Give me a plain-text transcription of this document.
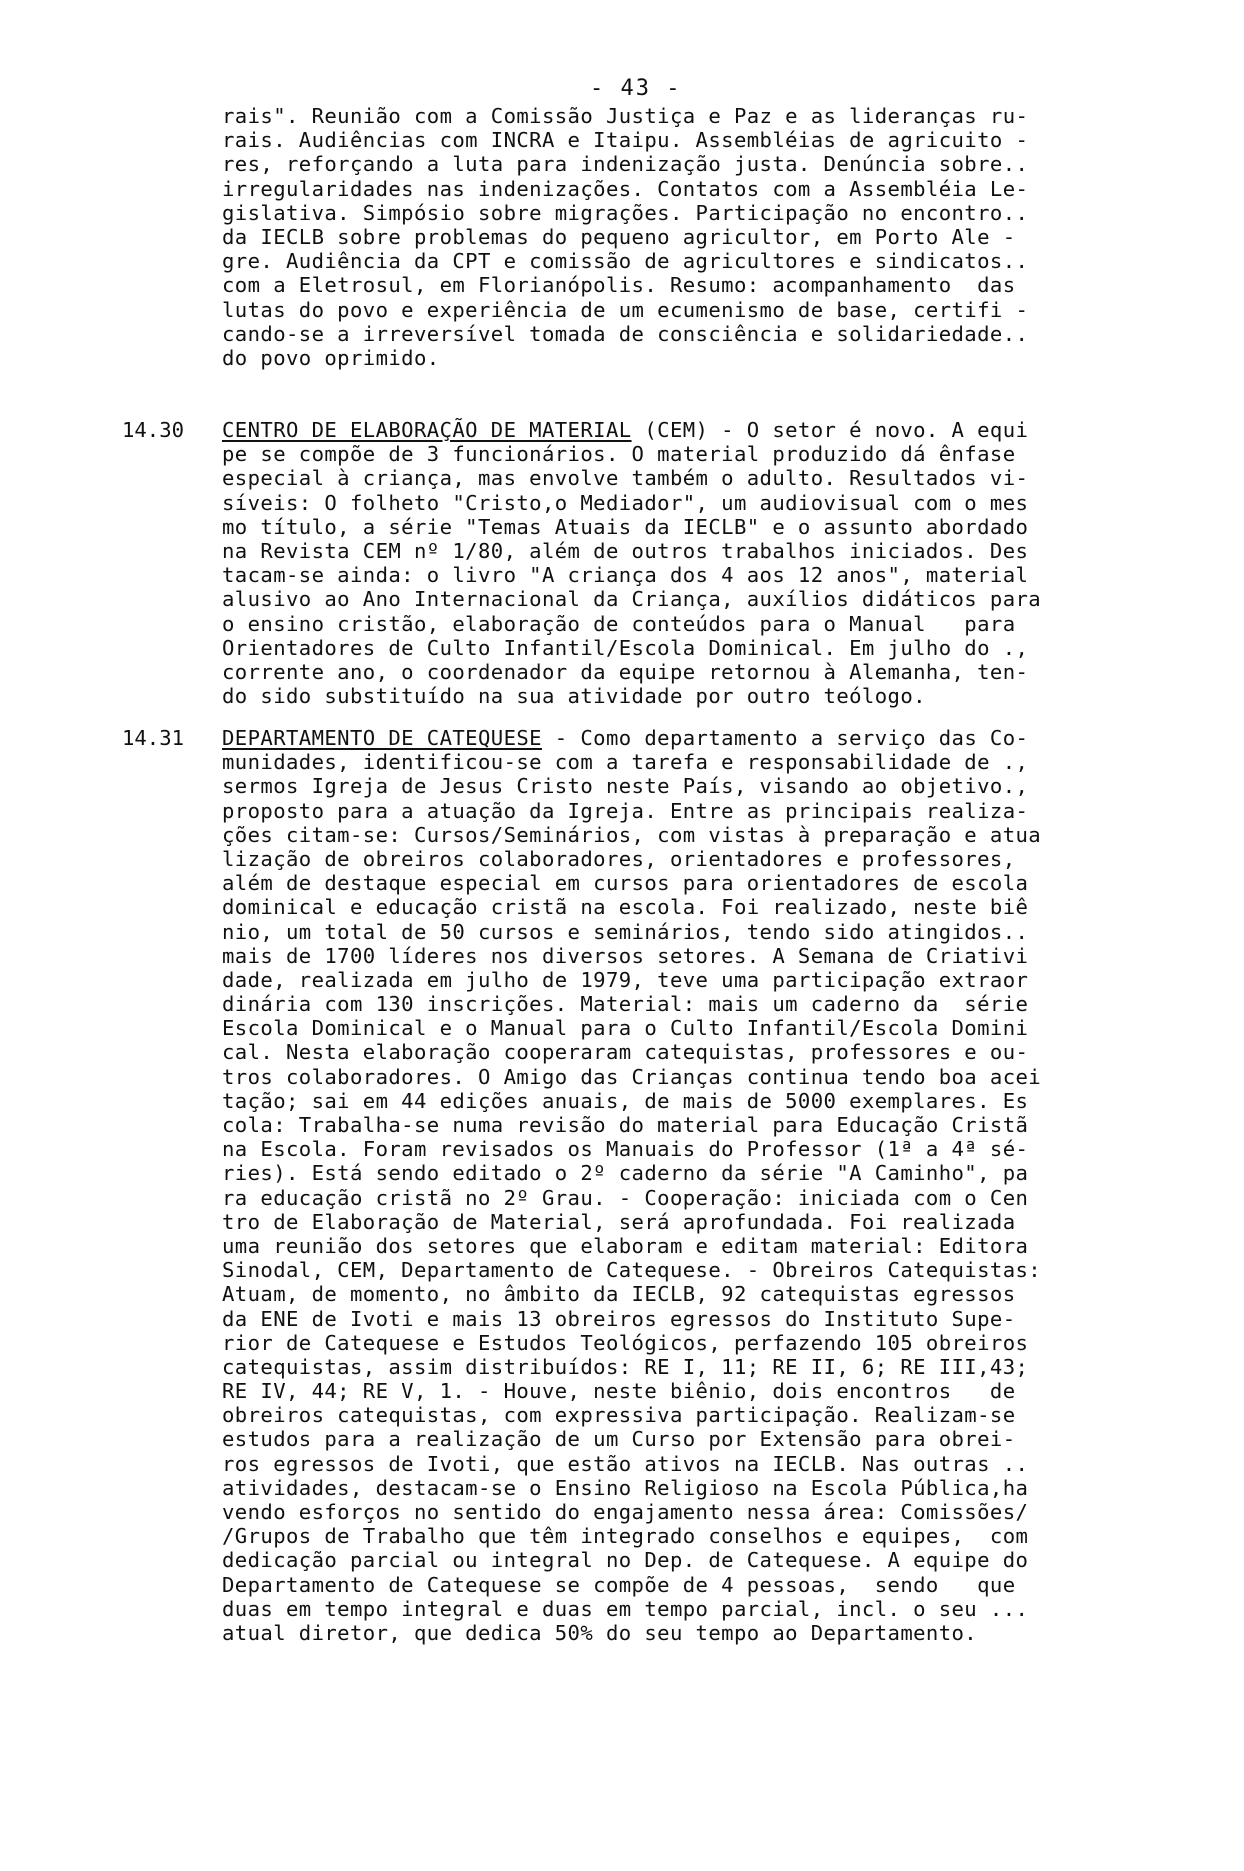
- 43 -
rais". Reunião com a Comissão Justiça e Paz e as lideranças ru-
rais. Audiências com INCRA e Itaipu. Assembléias de agricuito -
res, reforçando a luta para indenização justa. Denúncia sobre..
irregularidades nas indenizações. Contatos com a Assembléia Le-
gislativa. Simpósio sobre migrações. Participação no encontro..
da IECLB sobre problemas do pequeno agricultor, em Porto Ale -
gre. Audiência da CPT e comissão de agricultores e sindicatos..
com a Eletrosul, em Florianópolis. Resumo: acompanhamento  das
lutas do povo e experiência de um ecumenismo de base, certifi -
cando-se a irreversível tomada de consciência e solidariedade..
do povo oprimido.
14.30 CENTRO DE ELABORAÇÃO DE MATERIAL (CEM) - O setor é novo. A equi
pe se compõe de 3 funcionários. O material produzido dá ênfase
especial à criança, mas envolve também o adulto. Resultados vi-
síveis: O folheto "Cristo,o Mediador", um audiovisual com o mes
mo título, a série "Temas Atuais da IECLB" e o assunto abordado
na Revista CEM nº 1/80, além de outros trabalhos iniciados. Des
tacam-se ainda: o livro "A criança dos 4 aos 12 anos", material
alusivo ao Ano Internacional da Criança, auxílios didáticos para
o ensino cristão, elaboração de conteúdos para o Manual   para
Orientadores de Culto Infantil/Escola Dominical. Em julho do .,
corrente ano, o coordenador da equipe retornou à Alemanha, ten-
do sido substituído na sua atividade por outro teólogo.
14.31 DEPARTAMENTO DE CATEQUESE - Como departamento a serviço das Co-
munidades, identificou-se com a tarefa e responsabilidade de .,
sermos Igreja de Jesus Cristo neste País, visando ao objetivo.,
proposto para a atuação da Igreja. Entre as principais realiza-
ções citam-se: Cursos/Seminários, com vistas à preparação e atua
lização de obreiros colaboradores, orientadores e professores,
além de destaque especial em cursos para orientadores de escola
dominical e educação cristã na escola. Foi realizado, neste biê
nio, um total de 50 cursos e seminários, tendo sido atingidos..
mais de 1700 líderes nos diversos setores. A Semana de Criativi
dade, realizada em julho de 1979, teve uma participação extraor
dinária com 130 inscrições. Material: mais um caderno da  série
Escola Dominical e o Manual para o Culto Infantil/Escola Domini
cal. Nesta elaboração cooperaram catequistas, professores e ou-
tros colaboradores. O Amigo das Crianças continua tendo boa acei
tação; sai em 44 edições anuais, de mais de 5000 exemplares. Es
cola: Trabalha-se numa revisão do material para Educação Cristã
na Escola. Foram revisados os Manuais do Professor (1ª a 4ª sé-
ries). Está sendo editado o 2º caderno da série "A Caminho", pa
ra educação cristã no 2º Grau. - Cooperação: iniciada com o Cen
tro de Elaboração de Material, será aprofundada. Foi realizada
uma reunião dos setores que elaboram e editam material: Editora
Sinodal, CEM, Departamento de Catequese. - Obreiros Catequistas:
Atuam, de momento, no âmbito da IECLB, 92 catequistas egressos
da ENE de Ivoti e mais 13 obreiros egressos do Instituto Supe-
rior de Catequese e Estudos Teológicos, perfazendo 105 obreiros
catequistas, assim distribuídos: RE I, 11; RE II, 6; RE III,43;
RE IV, 44; RE V, 1. - Houve, neste biênio, dois encontros   de
obreiros catequistas, com expressiva participação. Realizam-se
estudos para a realização de um Curso por Extensão para obrei-
ros egressos de Ivoti, que estão ativos na IECLB. Nas outras ..
atividades, destacam-se o Ensino Religioso na Escola Pública,ha
vendo esforços no sentido do engajamento nessa área: Comissões/
/Grupos de Trabalho que têm integrado conselhos e equipes,  com
dedicação parcial ou integral no Dep. de Catequese. A equipe do
Departamento de Catequese se compõe de 4 pessoas,  sendo   que
duas em tempo integral e duas em tempo parcial, incl. o seu ...
atual diretor, que dedica 50% do seu tempo ao Departamento.
